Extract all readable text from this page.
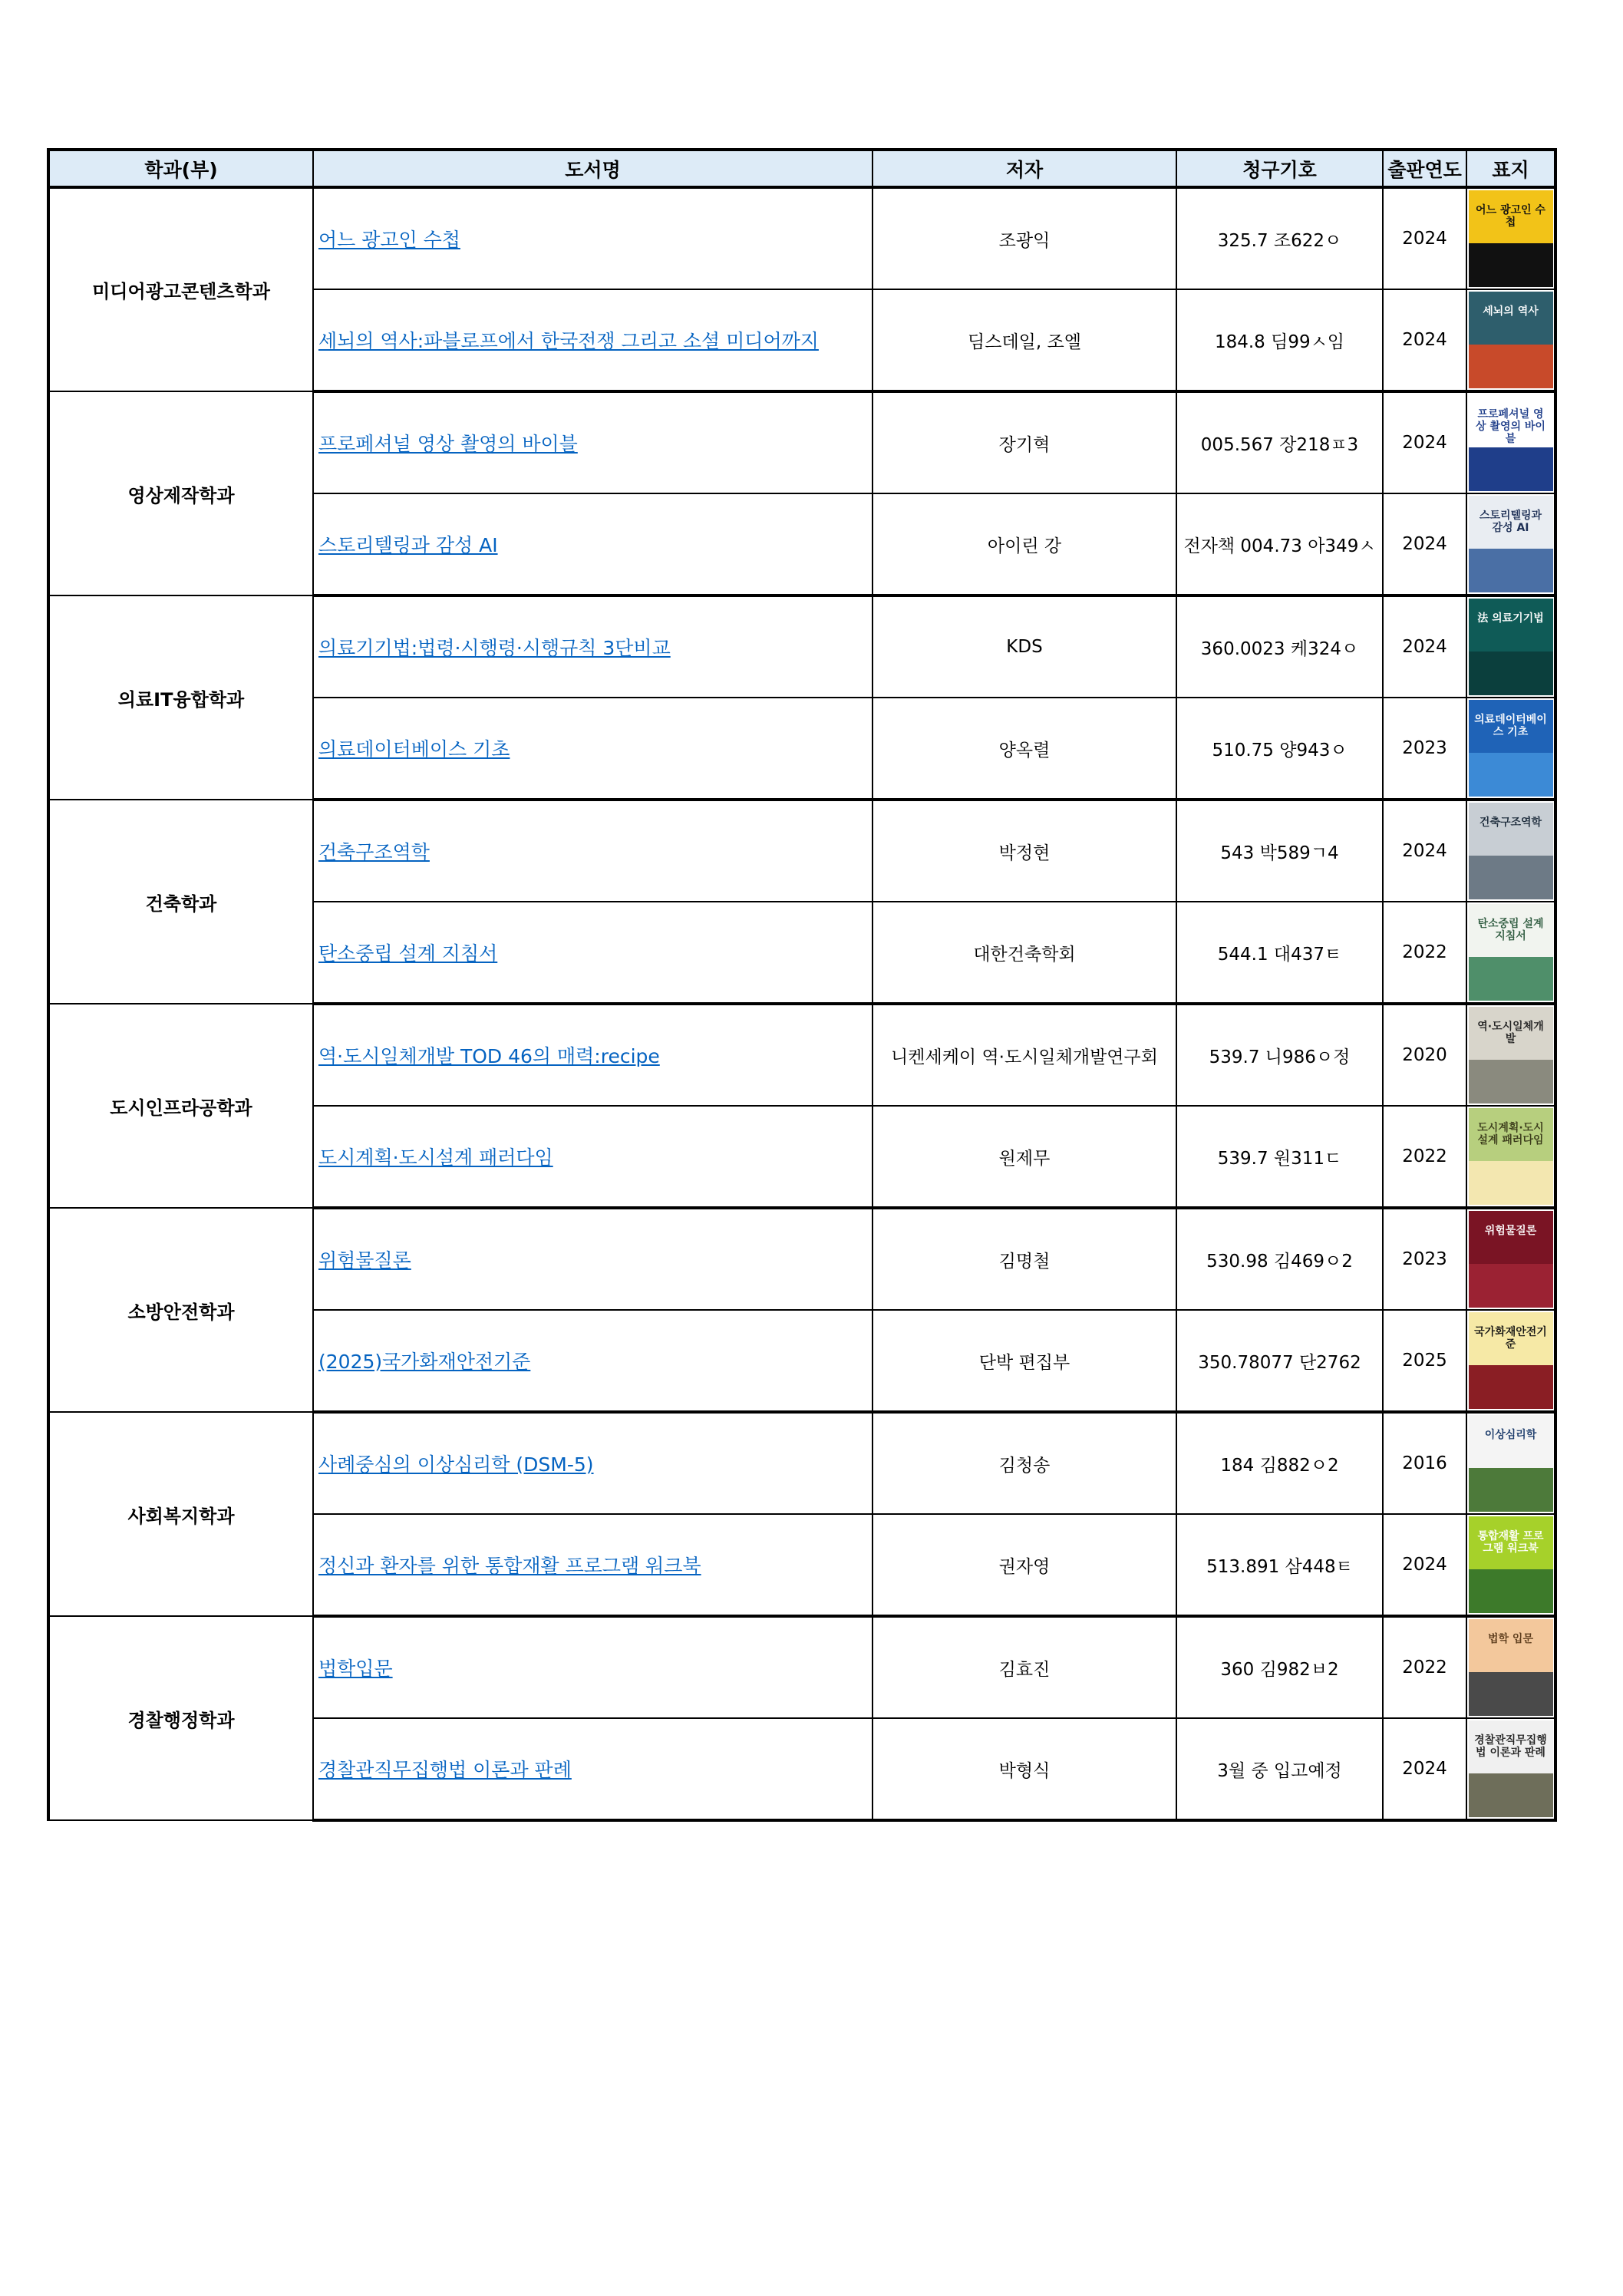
학과(부)	도서명	저자	청구기호	출판연도	표지
미디어광고콘텐츠학과	어느 광고인 수첩	조광익	325.7 조622ㅇ	2024	어느 광고인 수첩

	세뇌의 역사:파블로프에서 한국전쟁 그리고 소셜 미디어까지	딤스데일, 조엘	184.8 딤99ㅅ임	2024	세뇌의 역사

영상제작학과	프로페셔널 영상 촬영의 바이블	장기혁	005.567 장218ㅍ3	2024	프로페셔널 영상 촬영의 바이블

	스토리텔링과 감성 AI	아이린 강	전자책 004.73 아349ㅅ	2024	스토리텔링과 감성 AI

의료IT융합학과	의료기기법:법령·시행령·시행규칙 3단비교	KDS	360.0023 케324ㅇ	2024	法 의료기기법

	의료데이터베이스 기초	양옥렬	510.75 양943ㅇ	2023	의료데이터베이스 기초

건축학과	건축구조역학	박정현	543 박589ㄱ4	2024	건축구조역학

	탄소중립 설계 지침서	대한건축학회	544.1 대437ㅌ	2022	탄소중립 설계 지침서

도시인프라공학과	역·도시일체개발 TOD 46의 매력:recipe	니켄세케이 역·도시일체개발연구회	539.7 니986ㅇ정	2020	역·도시일체개발

	도시계획·도시설계 패러다임	원제무	539.7 원311ㄷ	2022	도시계획·도시설계 패러다임

소방안전학과	위험물질론	김명철	530.98 김469ㅇ2	2023	위험물질론

	(2025)국가화재안전기준	단박 편집부	350.78077 단2762	2025	국가화재안전기준

사회복지학과	사례중심의 이상심리학 (DSM-5)	김청송	184 김882ㅇ2	2016	이상심리학

	정신과 환자를 위한 통합재활 프로그램 워크북	권자영	513.891 삼448ㅌ	2024	통합재활 프로그램 워크북

경찰행정학과	법학입문	김효진	360 김982ㅂ2	2022	법학 입문

	경찰관직무집행법 이론과 판례	박형식	3월 중 입고예정	2024	경찰관직무집행법 이론과 판례
